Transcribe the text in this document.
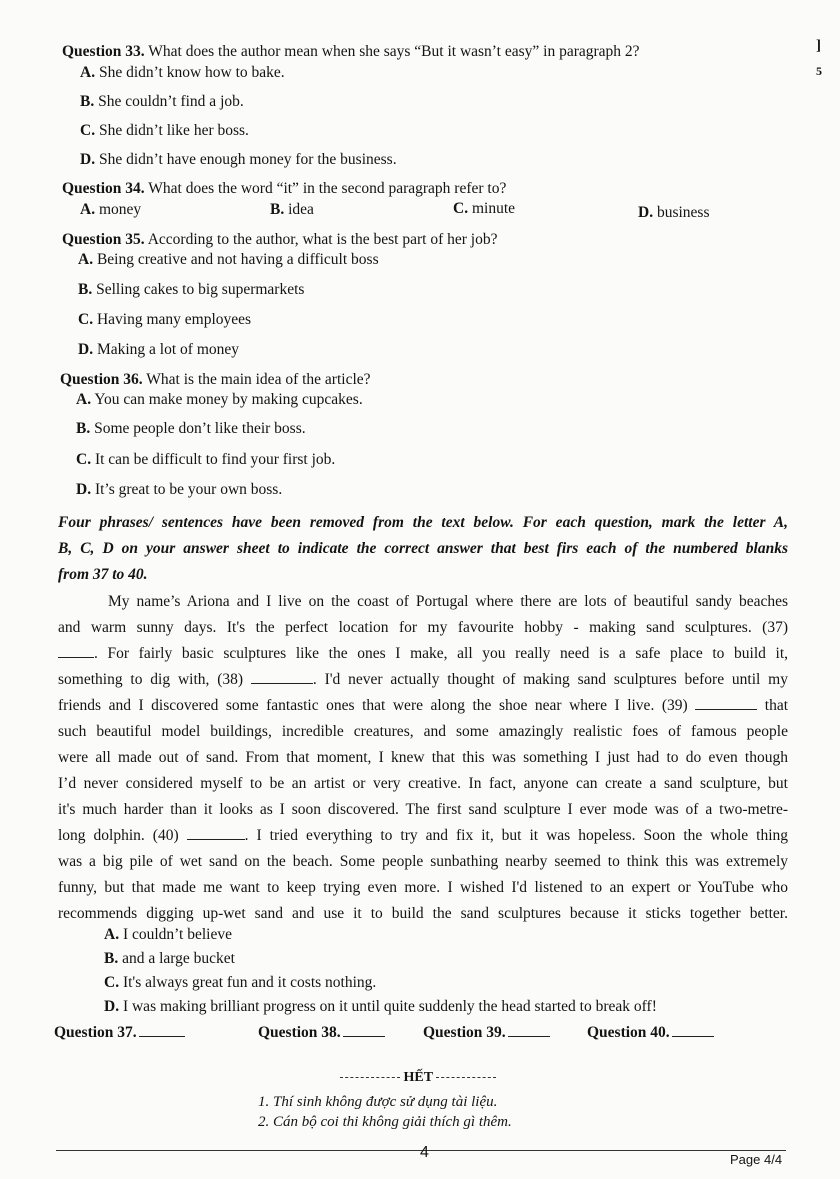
Question 33. What does the author mean when she says “But it wasn’t easy” in paragraph 2?
A. She didn’t know how to bake.
B. She couldn’t find a job.
C. She didn’t like her boss.
D. She didn’t have enough money for the business.
Question 34. What does the word “it” in the second paragraph refer to?
A. money	B. idea	C. minute	D. business
Question 35. According to the author, what is the best part of her job?
A. Being creative and not having a difficult boss
B. Selling cakes to big supermarkets
C. Having many employees
D. Making a lot of money
Question 36. What is the main idea of the article?
A. You can make money by making cupcakes.
B. Some people don’t like their boss.
C. It can be difficult to find your first job.
D. It’s great to be your own boss.
Four phrases/ sentences have been removed from the text below. For each question, mark the letter A,
B, C, D on your answer sheet to indicate the correct answer that best firs each of the numbered blanks
from 37 to 40.
My name’s Ariona and I live on the coast of Portugal where there are lots of beautiful sandy beaches
and warm sunny days. It's the perfect location for my favourite hobby - making sand sculptures. (37)
. For fairly basic sculptures like the ones I make, all you really need is a safe place to build it,
something to dig with, (38)	. I'd never actually thought of making sand sculptures before until my
friends and I discovered some fantastic ones that were along the shoe near where I live. (39)	that
such beautiful model buildings, incredible creatures, and some amazingly realistic foes of famous people
were all made out of sand. From that moment, I knew that this was something I just had to do even though
I’d never considered myself to be an artist or very creative. In fact, anyone can create a sand sculpture, but
it's much harder than it looks as I soon discovered. The first sand sculpture I ever mode was of a two-metre-
long dolphin. (40)	. I tried everything to try and fix it, but it was hopeless. Soon the whole thing
was a big pile of wet sand on the beach. Some people sunbathing nearby seemed to think this was extremely
funny, but that made me want to keep trying even more. I wished I'd listened to an expert or YouTube who
recommends digging up-wet sand and use it to build the sand sculptures because it sticks together better.
A. I couldn’t believe
B. and a large bucket
C. It's always great fun and it costs nothing.
D. I was making brilliant progress on it until quite suddenly the head started to break off!
Question 37.	Question 38.	Question 39.	Question 40.
HẾT
1. Thí sinh không được sử dụng tài liệu.
2. Cán bộ coi thi không giải thích gì thêm.
4	Page 4/4
]
5
